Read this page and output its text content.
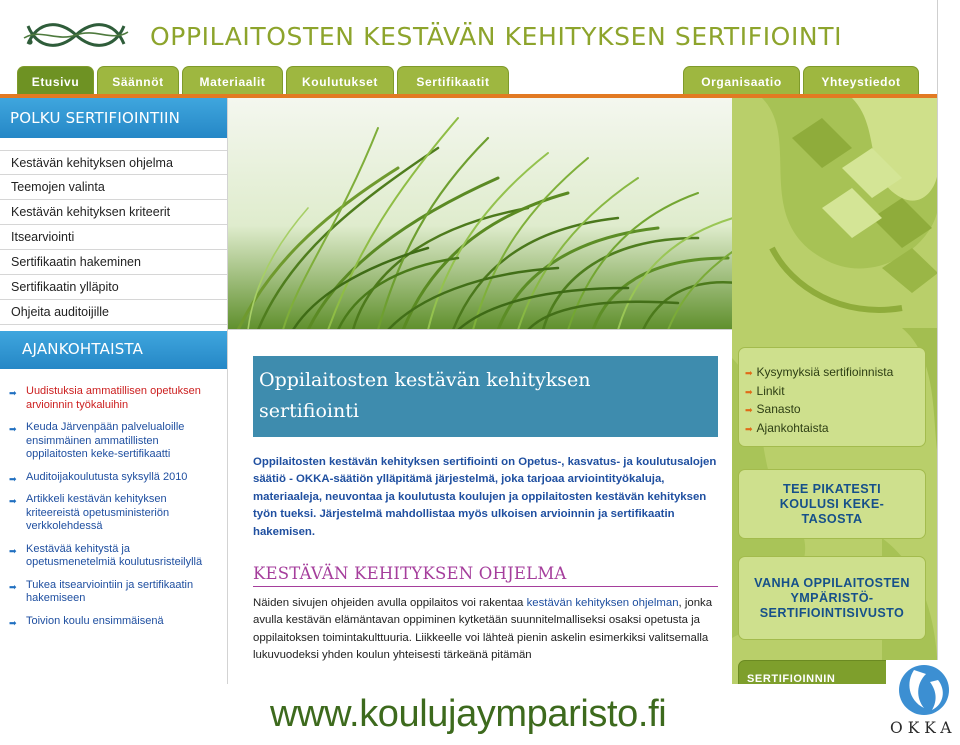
OPPILAITOSTEN KESTÄVÄN KEHITYKSEN SERTIFIOINTI
Etusivu	Säännöt	Materiaalit	Koulutukset	Sertifikaatit	Organisaatio	Yhteystiedot
POLKU SERTIFIOINTIIN
Kestävän kehityksen ohjelma
Teemojen valinta
Kestävän kehityksen kriteerit
Itsearviointi
Sertifikaatin hakeminen
Sertifikaatin ylläpito
Ohjeita auditoijille
AJANKOHTAISTA
➡ Uudistuksia ammatillisen opetuksen arvioinnin työkaluihin
➡ Keuda Järvenpään palvelualoille ensimmäinen ammatillisten oppilaitosten keke-sertifikaatti
➡ Auditoijakoulutusta syksyllä 2010
➡ Artikkeli kestävän kehityksen kriteereistä opetusministeriön verkkolehdessä
➡ Kestävää kehitystä ja opetusmenetelmiä koulutusristeilyllä
➡ Tukea itsearviointiin ja sertifikaatin hakemiseen
➡ Toivion koulu ensimmäisenä
Oppilaitosten kestävän kehityksen
sertifiointi

Oppilaitosten kestävän kehityksen sertifiointi on Opetus-, kasvatus- ja koulutusalojen säätiö - OKKA-säätiön ylläpitämä järjestelmä, joka tarjoaa arviointityökaluja, materiaaleja, neuvontaa ja koulutusta koulujen ja oppilaitosten kestävän kehityksen työn tueksi. Järjestelmä mahdollistaa myös ulkoisen arvioinnin ja sertifikaatin hakemisen.

KESTÄVÄN KEHITYKSEN OHJELMA

Näiden sivujen ohjeiden avulla oppilaitos voi rakentaa kestävän kehityksen ohjelman, jonka avulla kestävän elämäntavan oppiminen kytketään suunnitelmalliseksi osaksi opetusta ja oppilaitoksen toimintakulttuuria. Liikkeelle voi lähteä pienin askelin esimerkiksi valitsemalla lukuvuodeksi yhden koulun yhteisesti tärkeänä pitämän

➡ Kysymyksiä sertifioinnista
➡ Linkit
➡ Sanasto
➡ Ajankohtaista
TEE PIKATESTI KOULUSI KEKE-TASOSTA
VANHA OPPILAITOSTEN YMPÄRISTÖ-SERTIFIOINTISIVUSTO
SERTIFIOINNIN
www.koulujaymparisto.fi	OKKA
